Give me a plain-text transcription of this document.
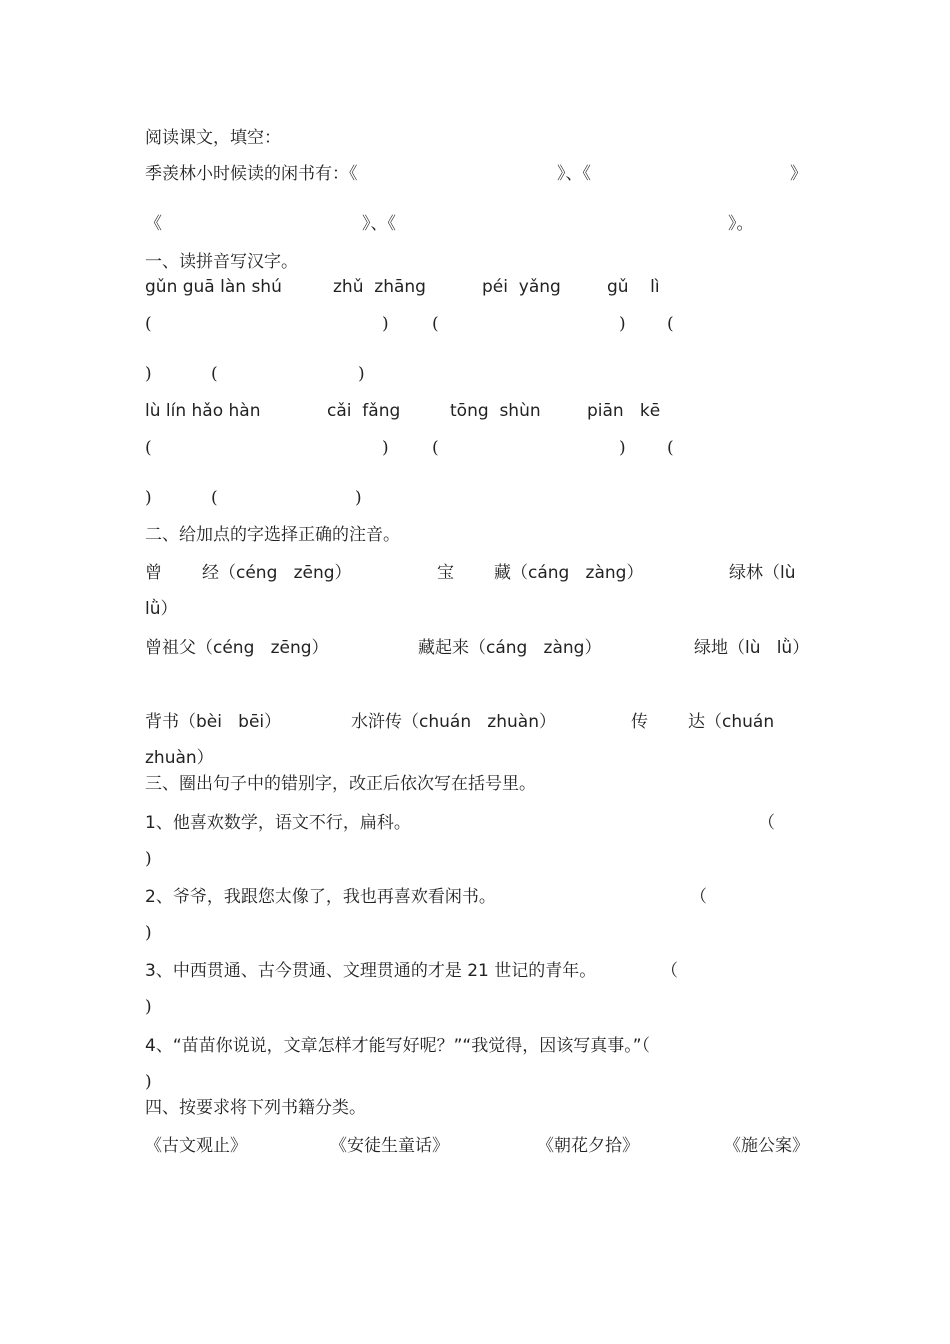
阅读课文，填空：
季羡林小时候读的闲书有：《	》、《	》
《	》、《	》。
一、读拼音写汉字。
gǔn guā làn shú	zhǔ  zhāng	péi  yǎng	gǔ    lì
(	)	(	) (
)	(	)
lù lín hǎo hàn	cǎi  fǎng	tōng  shùn	piān   kē
(	)	(	) (
)	(	)
二、给加点的字选择正确的注音。
曾 经（céng   zēng）	宝 藏（cáng   zàng）	绿林（lù
lǜ）
曾祖父（céng   zēng）	藏起来（cáng   zàng）	绿地（lù   lǜ）
背书（bèi   bēi）	水浒传（chuán   zhuàn）	传 达（chuán
zhuàn）
三、圈出句子中的错别字，改正后依次写在括号里。
1、他喜欢数学，语文不行，扁科。	（
)
2、爷爷，我跟您太像了，我也再喜欢看闲书。	（
)
3、中西贯通、古今贯通、文理贯通的才是 21 世记的青年。	（
)
4、“苗苗你说说，文章怎样才能写好呢？”“我觉得，因该写真事。”（
)
四、按要求将下列书籍分类。
《古文观止》	《安徒生童话》	《朝花夕拾》	《施公案》
